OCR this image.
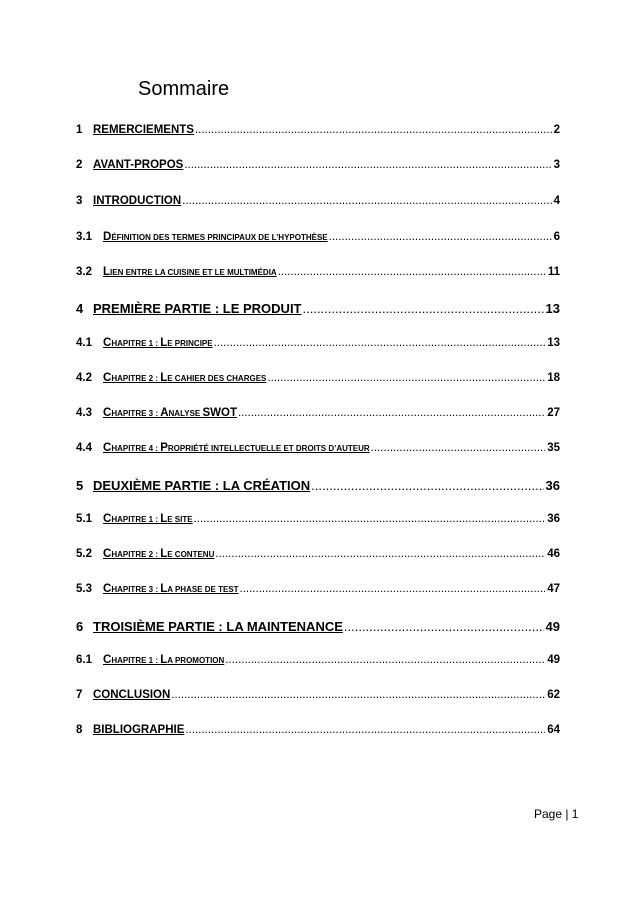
Sommaire
1 REMERCIEMENTS .....	2
2 AVANT-PROPOS .....	3
3 INTRODUCTION .....	4
3.1 DÉFINITION DES TERMES PRINCIPAUX DE L’HYPOTHÈSE .....	6
3.2 LIEN ENTRE LA CUISINE ET LE MULTIMÉDIA .....	11
4 PREMIÈRE PARTIE : LE PRODUIT .....	13
4.1 CHAPITRE 1 : LE PRINCIPE .....	13
4.2 CHAPITRE 2 : LE CAHIER DES CHARGES .....	18
4.3 CHAPITRE 3 : ANALYSE SWOT .....	27
4.4 CHAPITRE 4 : PROPRIÉTÉ INTELLECTUELLE ET DROITS D’AUTEUR .....	35
5 DEUXIÈME PARTIE : LA CRÉATION .....	36
5.1 CHAPITRE 1 : LE SITE .....	36
5.2 CHAPITRE 2 : LE CONTENU .....	46
5.3 CHAPITRE 3 : LA PHASE DE TEST .....	47
6 TROISIÈME PARTIE : LA MAINTENANCE .....	49
6.1 CHAPITRE 1 : LA PROMOTION .....	49
7 CONCLUSION .....	62
8 BIBLIOGRAPHIE .....	64
Page | 1
